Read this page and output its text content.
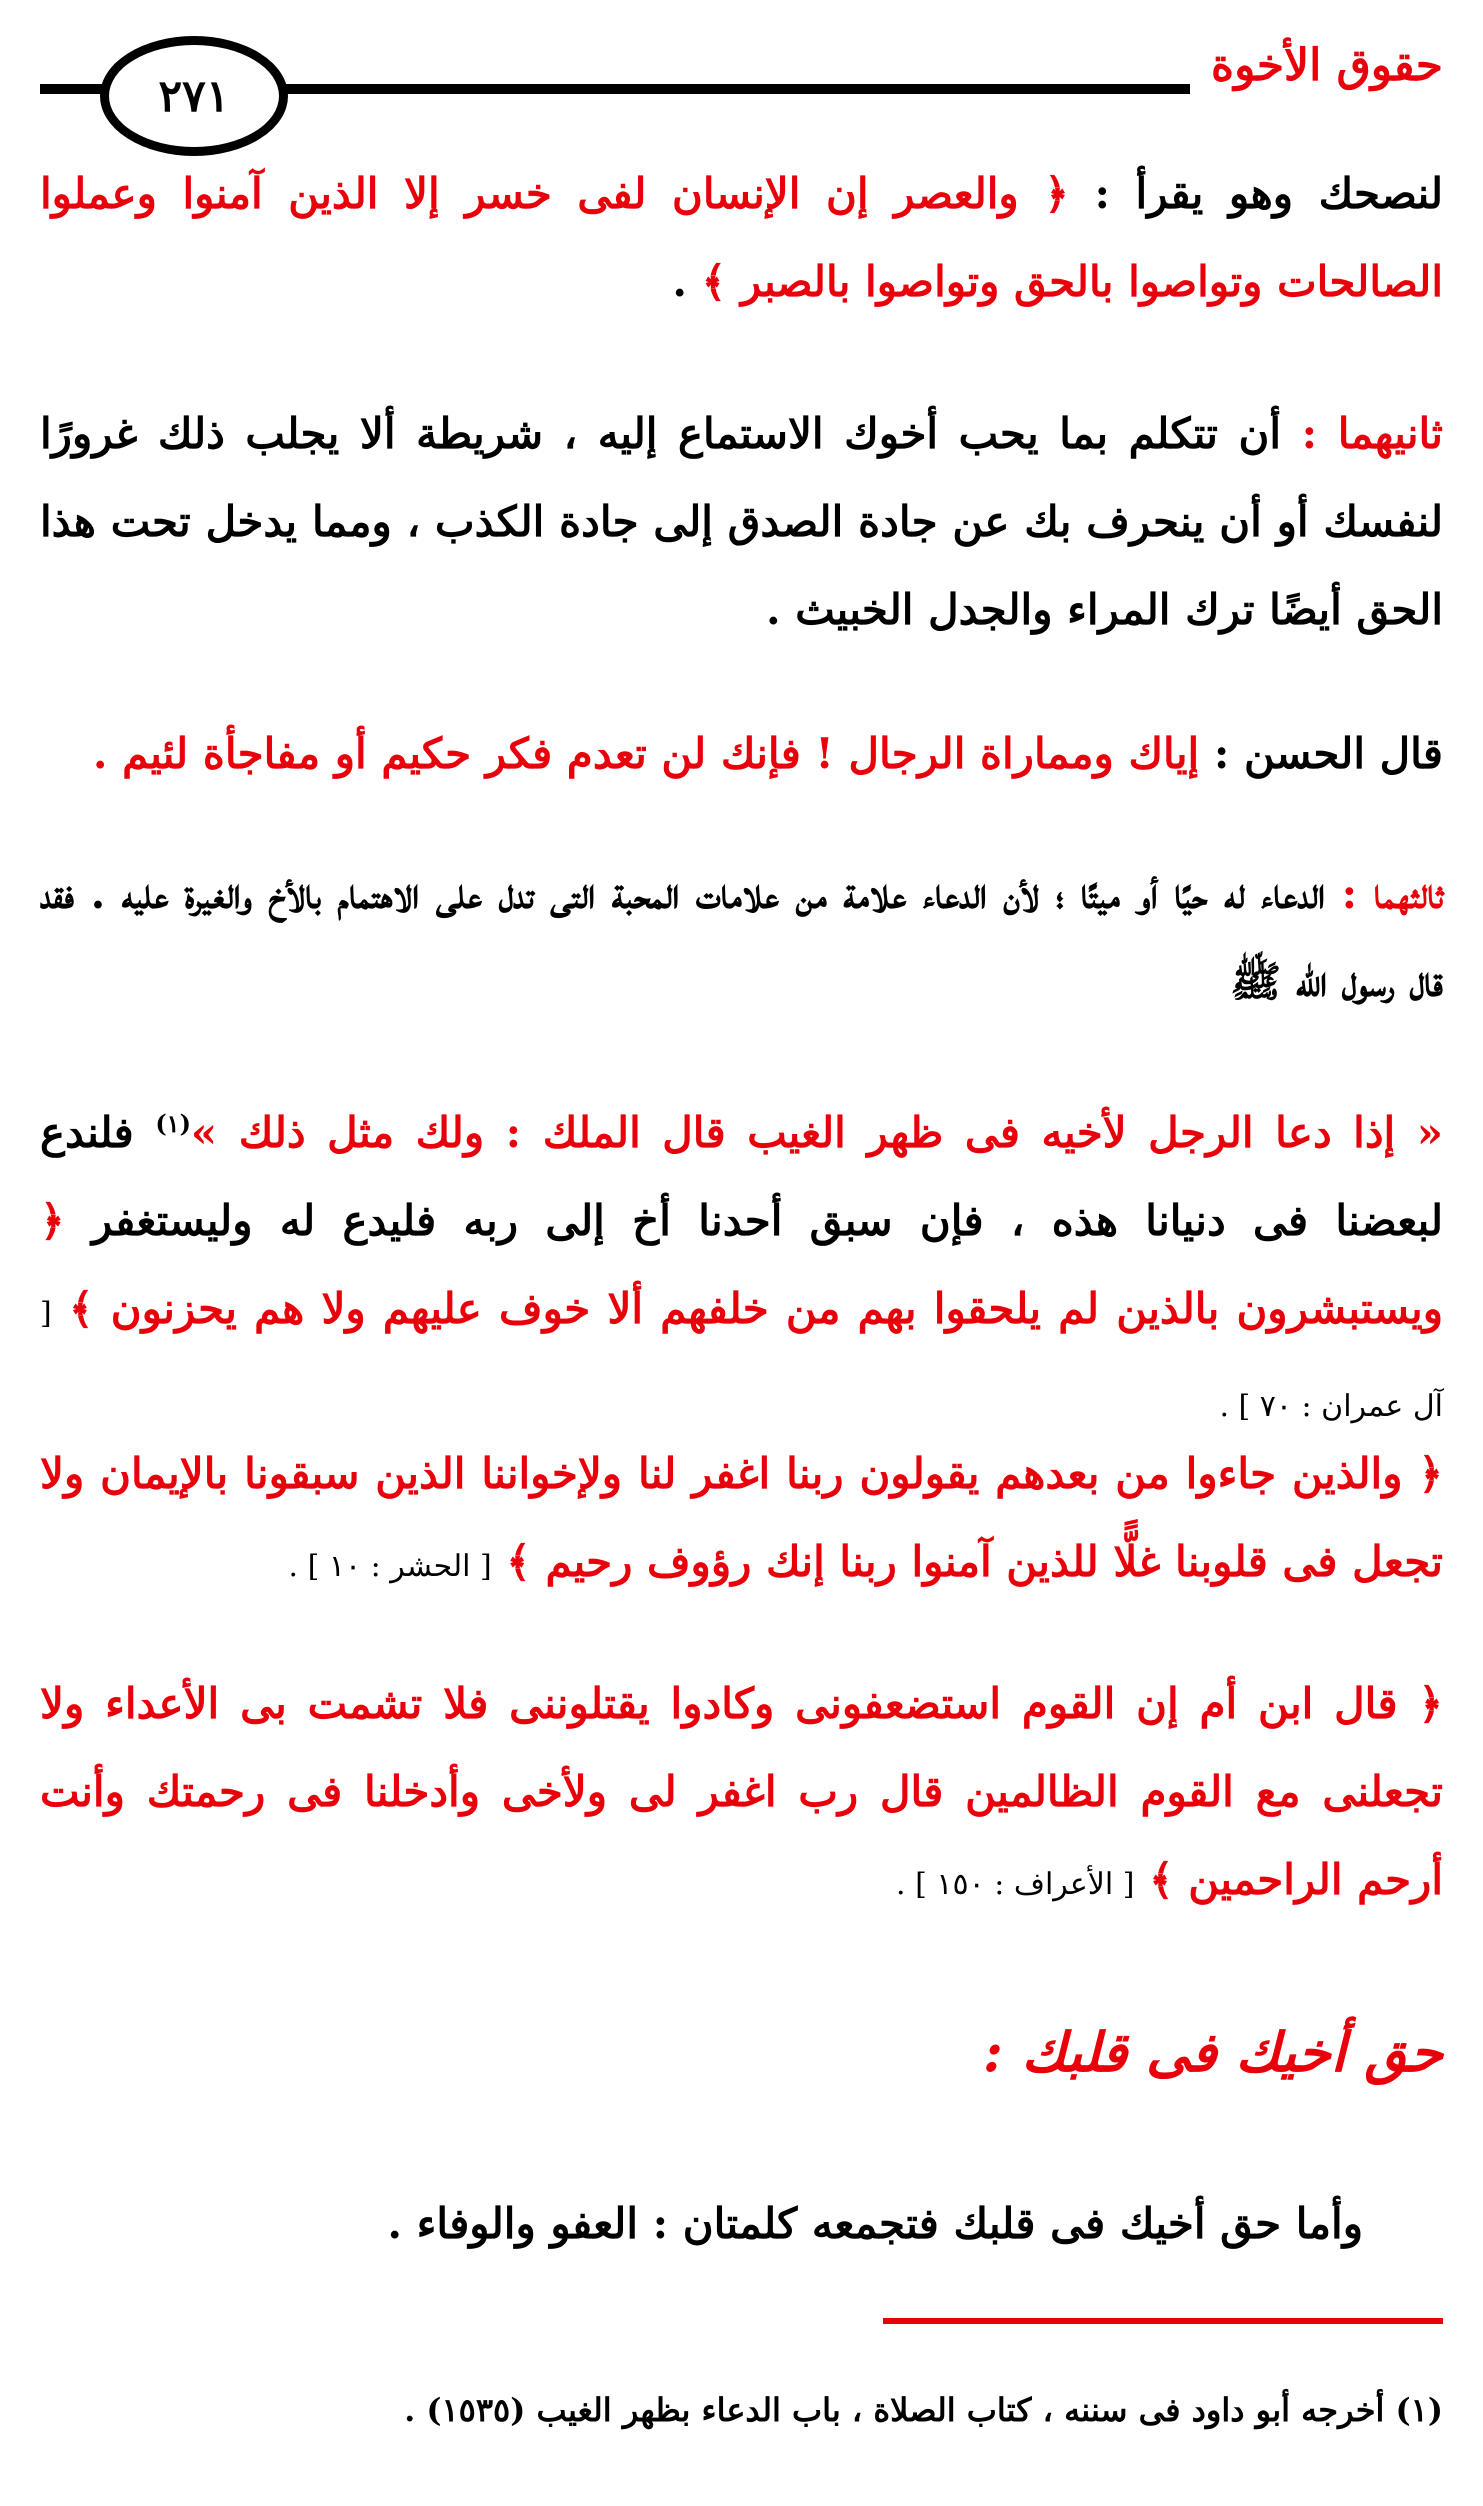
٢٧١
حقوق الأخوة
لنصحك وهو يقرأ : ﴿ والعصر إن الإنسان لفى خسر إلا الذين آمنوا وعملوا الصالحات وتواصوا بالحق وتواصوا بالصبر ﴾ .
ثانيهما : أن تتكلم بما يحب أخوك الاستماع إليه ، شريطة ألا يجلب ذلك غرورًا لنفسك أو أن ينحرف بك عن جادة الصدق إلى جادة الكذب ، ومما يدخل تحت هذا الحق أيضًا ترك المراء والجدل الخبيث .
قال الحسن : إياك ومماراة الرجال ! فإنك لن تعدم فكر حكيم أو مفاجأة لئيم .
ثالثهما : الدعاء له حيًا أو ميتًا ؛ لأن الدعاء علامة من علامات المحبة التى تدل على الاهتمام بالأخ والغيرة عليه . فقد قال رسول الله ﷺ
« إذا دعا الرجل لأخيه فى ظهر الغيب قال الملك : ولك مثل ذلك »$^{(١)}$ فلندع لبعضنا فى دنيانا هذه ، فإن سبق أحدنا أخ إلى ربه فليدع له وليستغفر ﴿ ويستبشرون بالذين لم يلحقوا بهم من خلفهم ألا خوف عليهم ولا هم يحزنون ﴾ [ آل عمران : ٧٠ ] .
﴿ والذين جاءوا من بعدهم يقولون ربنا اغفر لنا ولإخواننا الذين سبقونا بالإيمان ولا تجعل فى قلوبنا غلًّا للذين آمنوا ربنا إنك رؤوف رحيم ﴾ [ الحشر : ١٠ ] .
﴿ قال ابن أم إن القوم استضعفونى وكادوا يقتلوننى فلا تشمت بى الأعداء ولا تجعلنى مع القوم الظالمين قال رب اغفر لى ولأخى وأدخلنا فى رحمتك وأنت أرحم الراحمين ﴾ [ الأعراف : ١٥٠ ] .
حق أخيك فى قلبك :
وأما حق أخيك فى قلبك فتجمعه كلمتان : العفو والوفاء .
(١) أخرجه أبو داود فى سننه ، كتاب الصلاة ، باب الدعاء بظهر الغيب (١٥٣٥) .
